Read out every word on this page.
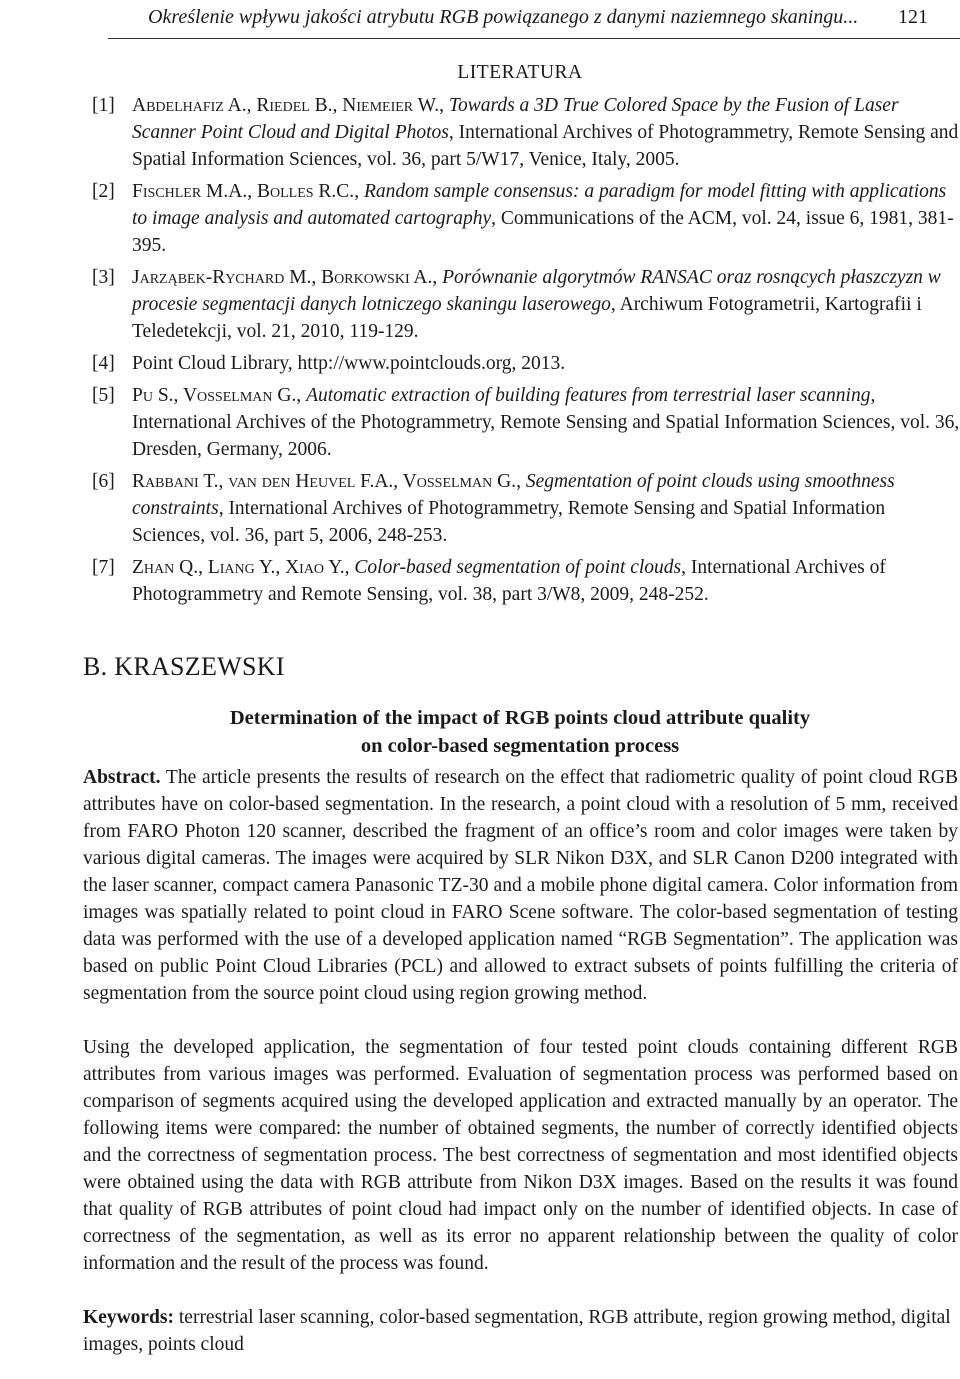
Określenie wpływu jakości atrybutu RGB powiązanego z danymi naziemnego skaningu... 121
LITERATURA
[1] Abdelhafiz A., Riedel B., Niemeier W., Towards a 3D True Colored Space by the Fusion of Laser Scanner Point Cloud and Digital Photos, International Archives of Photogrammetry, Remote Sensing and Spatial Information Sciences, vol. 36, part 5/W17, Venice, Italy, 2005.
[2] Fischler M.A., Bolles R.C., Random sample consensus: a paradigm for model fitting with applications to image analysis and automated cartography, Communications of the ACM, vol. 24, issue 6, 1981, 381-395.
[3] Jarząbek-Rychard M., Borkowski A., Porównanie algorytmów RANSAC oraz rosnących płaszczyzn w procesie segmentacji danych lotniczego skaningu laserowego, Archiwum Fotogrametrii, Kartografii i Teledetekcji, vol. 21, 2010, 119-129.
[4] Point Cloud Library, http://www.pointclouds.org, 2013.
[5] Pu S., Vosselman G., Automatic extraction of building features from terrestrial laser scanning, International Archives of the Photogrammetry, Remote Sensing and Spatial Information Sciences, vol. 36, Dresden, Germany, 2006.
[6] Rabbani T., van den Heuvel F.A., Vosselman G., Segmentation of point clouds using smoothness constraints, International Archives of Photogrammetry, Remote Sensing and Spatial Information Sciences, vol. 36, part 5, 2006, 248-253.
[7] Zhan Q., Liang Y., Xiao Y., Color-based segmentation of point clouds, International Archives of Photogrammetry and Remote Sensing, vol. 38, part 3/W8, 2009, 248-252.
B. KRASZEWSKI
Determination of the impact of RGB points cloud attribute quality
on color-based segmentation process

Abstract. The article presents the results of research on the effect that radiometric quality of point cloud RGB attributes have on color-based segmentation. In the research, a point cloud with a resolution of 5 mm, received from FARO Photon 120 scanner, described the fragment of an office’s room and color images were taken by various digital cameras. The images were acquired by SLR Nikon D3X, and SLR Canon D200 integrated with the laser scanner, compact camera Panasonic TZ-30 and a mobile phone digital camera. Color information from images was spatially related to point cloud in FARO Scene software. The color-based segmentation of testing data was performed with the use of a developed application named “RGB Segmentation”. The application was based on public Point Cloud Libraries (PCL) and allowed to extract subsets of points fulfilling the criteria of segmentation from the source point cloud using region growing method.

Using the developed application, the segmentation of four tested point clouds containing different RGB attributes from various images was performed. Evaluation of segmentation process was performed based on comparison of segments acquired using the developed application and extracted manually by an operator. The following items were compared: the number of obtained segments, the number of correctly identified objects and the correctness of segmentation process. The best correctness of segmentation and most identified objects were obtained using the data with RGB attribute from Nikon D3X images. Based on the results it was found that quality of RGB attributes of point cloud had impact only on the number of identified objects. In case of correctness of the segmentation, as well as its error no apparent relationship between the quality of color information and the result of the process was found.

Keywords: terrestrial laser scanning, color-based segmentation, RGB attribute, region growing method, digital images, points cloud
